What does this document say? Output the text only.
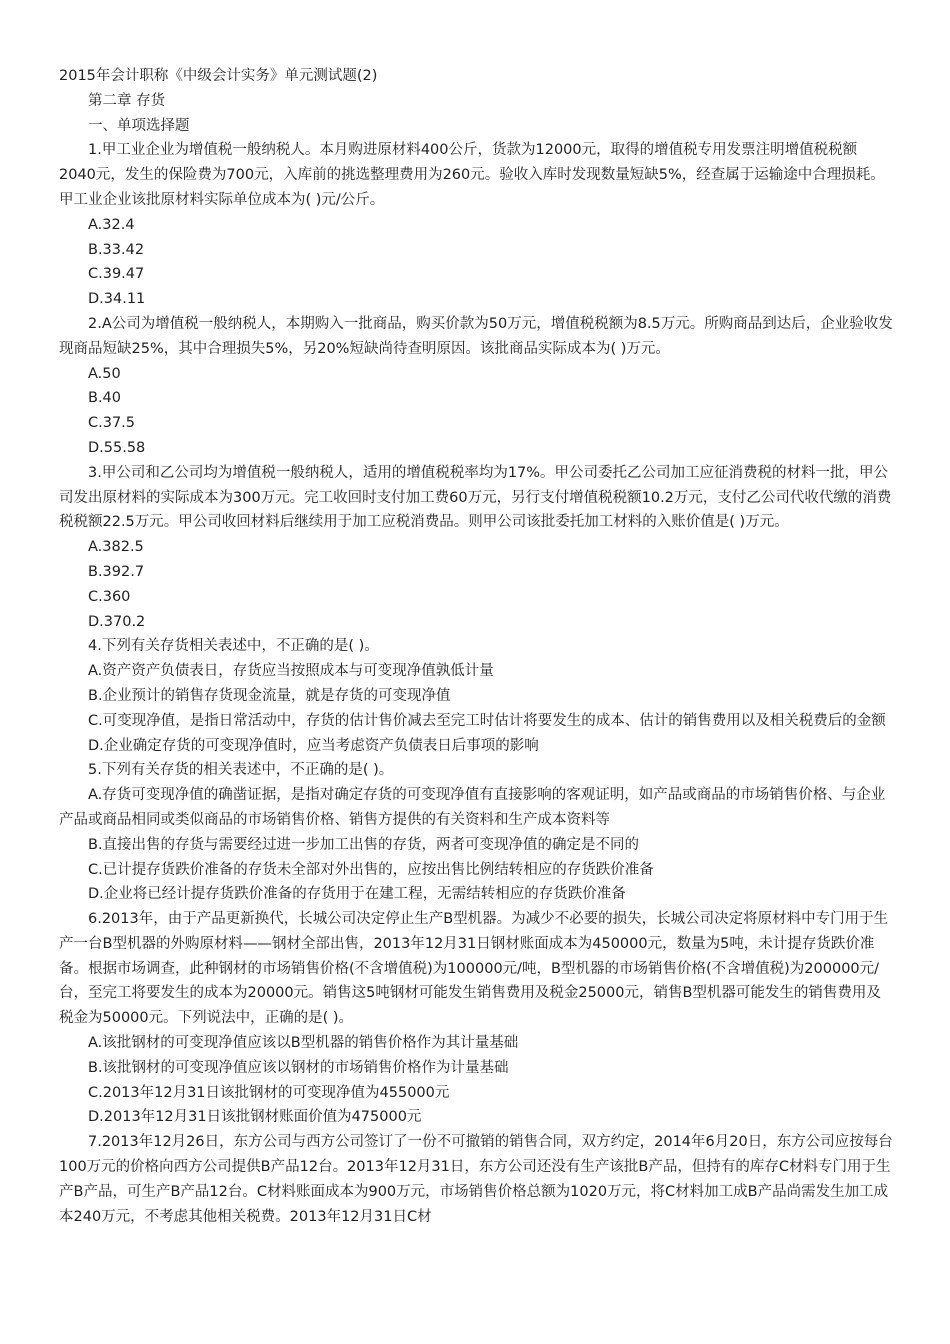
2015年会计职称《中级会计实务》单元测试题(2)

第二章 存货

一、单项选择题

1.甲工业企业为增值税一般纳税人。本月购进原材料400公斤，货款为12000元，取得的增值税专用发票注明增值税税额2040元，发生的保险费为700元，入库前的挑选整理费用为260元。验收入库时发现数量短缺5%，经查属于运输途中合理损耗。甲工业企业该批原材料实际单位成本为( )元/公斤。

A.32.4

B.33.42

C.39.47

D.34.11

2.A公司为增值税一般纳税人，本期购入一批商品，购买价款为50万元，增值税税额为8.5万元。所购商品到达后，企业验收发现商品短缺25%，其中合理损失5%，另20%短缺尚待查明原因。该批商品实际成本为( )万元。

A.50

B.40

C.37.5

D.55.58

3.甲公司和乙公司均为增值税一般纳税人，适用的增值税税率均为17%。甲公司委托乙公司加工应征消费税的材料一批，甲公司发出原材料的实际成本为300万元。完工收回时支付加工费60万元，另行支付增值税税额10.2万元，支付乙公司代收代缴的消费税税额22.5万元。甲公司收回材料后继续用于加工应税消费品。则甲公司该批委托加工材料的入账价值是( )万元。

A.382.5

B.392.7

C.360

D.370.2

4.下列有关存货相关表述中，不正确的是( )。

A.资产资产负债表日，存货应当按照成本与可变现净值孰低计量

B.企业预计的销售存货现金流量，就是存货的可变现净值

C.可变现净值，是指日常活动中，存货的估计售价减去至完工时估计将要发生的成本、估计的销售费用以及相关税费后的金额

D.企业确定存货的可变现净值时，应当考虑资产负债表日后事项的影响

5.下列有关存货的相关表述中，不正确的是( )。

A.存货可变现净值的确凿证据，是指对确定存货的可变现净值有直接影响的客观证明，如产品或商品的市场销售价格、与企业产品或商品相同或类似商品的市场销售价格、销售方提供的有关资料和生产成本资料等

B.直接出售的存货与需要经过进一步加工出售的存货，两者可变现净值的确定是不同的

C.已计提存货跌价准备的存货未全部对外出售的，应按出售比例结转相应的存货跌价准备

D.企业将已经计提存货跌价准备的存货用于在建工程，无需结转相应的存货跌价准备

6.2013年，由于产品更新换代，长城公司决定停止生产B型机器。为减少不必要的损失，长城公司决定将原材料中专门用于生产一台B型机器的外购原材料——钢材全部出售，2013年12月31日钢材账面成本为450000元，数量为5吨，未计提存货跌价准备。根据市场调查，此种钢材的市场销售价格(不含增值税)为100000元/吨，B型机器的市场销售价格(不含增值税)为200000元/台，至完工将要发生的成本为20000元。销售这5吨钢材可能发生销售费用及税金25000元，销售B型机器可能发生的销售费用及税金为50000元。下列说法中，正确的是( )。

A.该批钢材的可变现净值应该以B型机器的销售价格作为其计量基础

B.该批钢材的可变现净值应该以钢材的市场销售价格作为计量基础

C.2013年12月31日该批钢材的可变现净值为455000元

D.2013年12月31日该批钢材账面价值为475000元

7.2013年12月26日，东方公司与西方公司签订了一份不可撤销的销售合同，双方约定，2014年6月20日，东方公司应按每台100万元的价格向西方公司提供B产品12台。2013年12月31日，东方公司还没有生产该批B产品，但持有的库存C材料专门用于生产B产品，可生产B产品12台。C材料账面成本为900万元，市场销售价格总额为1020万元，将C材料加工成B产品尚需发生加工成本240万元，不考虑其他相关税费。2013年12月31日C材
